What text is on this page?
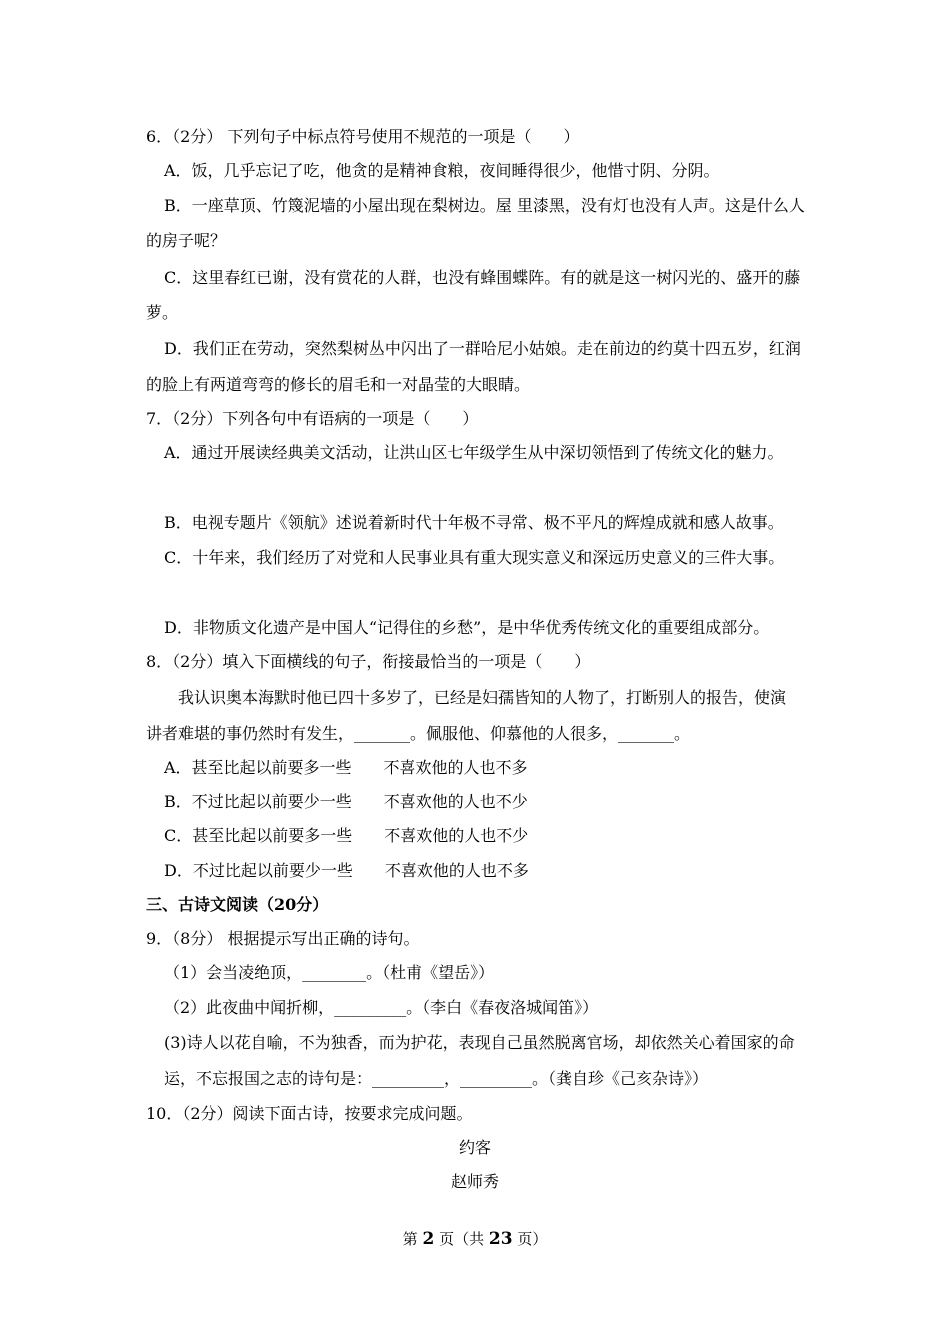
6．（2分） 下列句子中标点符号使用不规范的一项是（　　）
A．饭，几乎忘记了吃，他贪的是精神食粮，夜间睡得很少，他惜寸阴、分阴。
B．一座草顶、竹篾泥墙的小屋出现在梨树边。屋 里漆黑，没有灯也没有人声。这是什么人
的房子呢？
C．这里春红已谢，没有赏花的人群，也没有蜂围蝶阵。有的就是这一树闪光的、盛开的藤
萝。
D．我们正在劳动，突然梨树丛中闪出了一群哈尼小姑娘。走在前边的约莫十四五岁，红润
的脸上有两道弯弯的修长的眉毛和一对晶莹的大眼睛。
7．（2分）下列各句中有语病的一项是（　　）
A．通过开展读经典美文活动，让洪山区七年级学生从中深切领悟到了传统文化的魅力。
B．电视专题片《领航》述说着新时代十年极不寻常、极不平凡的辉煌成就和感人故事。
C．十年来，我们经历了对党和人民事业具有重大现实意义和深远历史意义的三件大事。
D．非物质文化遗产是中国人“记得住的乡愁”，是中华优秀传统文化的重要组成部分。
8．（2分）填入下面横线的句子，衔接最恰当的一项是（　　）
我认识奥本海默时他已四十多岁了，已经是妇孺皆知的人物了，打断别人的报告，使演
讲者难堪的事仍然时有发生，_______。佩服他、仰慕他的人很多，_______。
A．甚至比起以前要多一些　　不喜欢他的人也不多
B．不过比起以前要少一些　　不喜欢他的人也不少
C．甚至比起以前要多一些　　不喜欢他的人也不少
D．不过比起以前要少一些　　不喜欢他的人也不多
三、古诗文阅读（20分）
9．（8分） 根据提示写出正确的诗句。
（1）会当凌绝顶，________。（杜甫《望岳》）
（2）此夜曲中闻折柳，_________。（李白《春夜洛城闻笛》）
(3)诗人以花自喻，不为独香，而为护花，表现自己虽然脱离官场，却依然关心着国家的命
运，不忘报国之志的诗句是：_________，_________。（龚自珍《己亥杂诗》）
10．（2分）阅读下面古诗，按要求完成问题。
约客
赵师秀
第 2 页（共 23 页）
